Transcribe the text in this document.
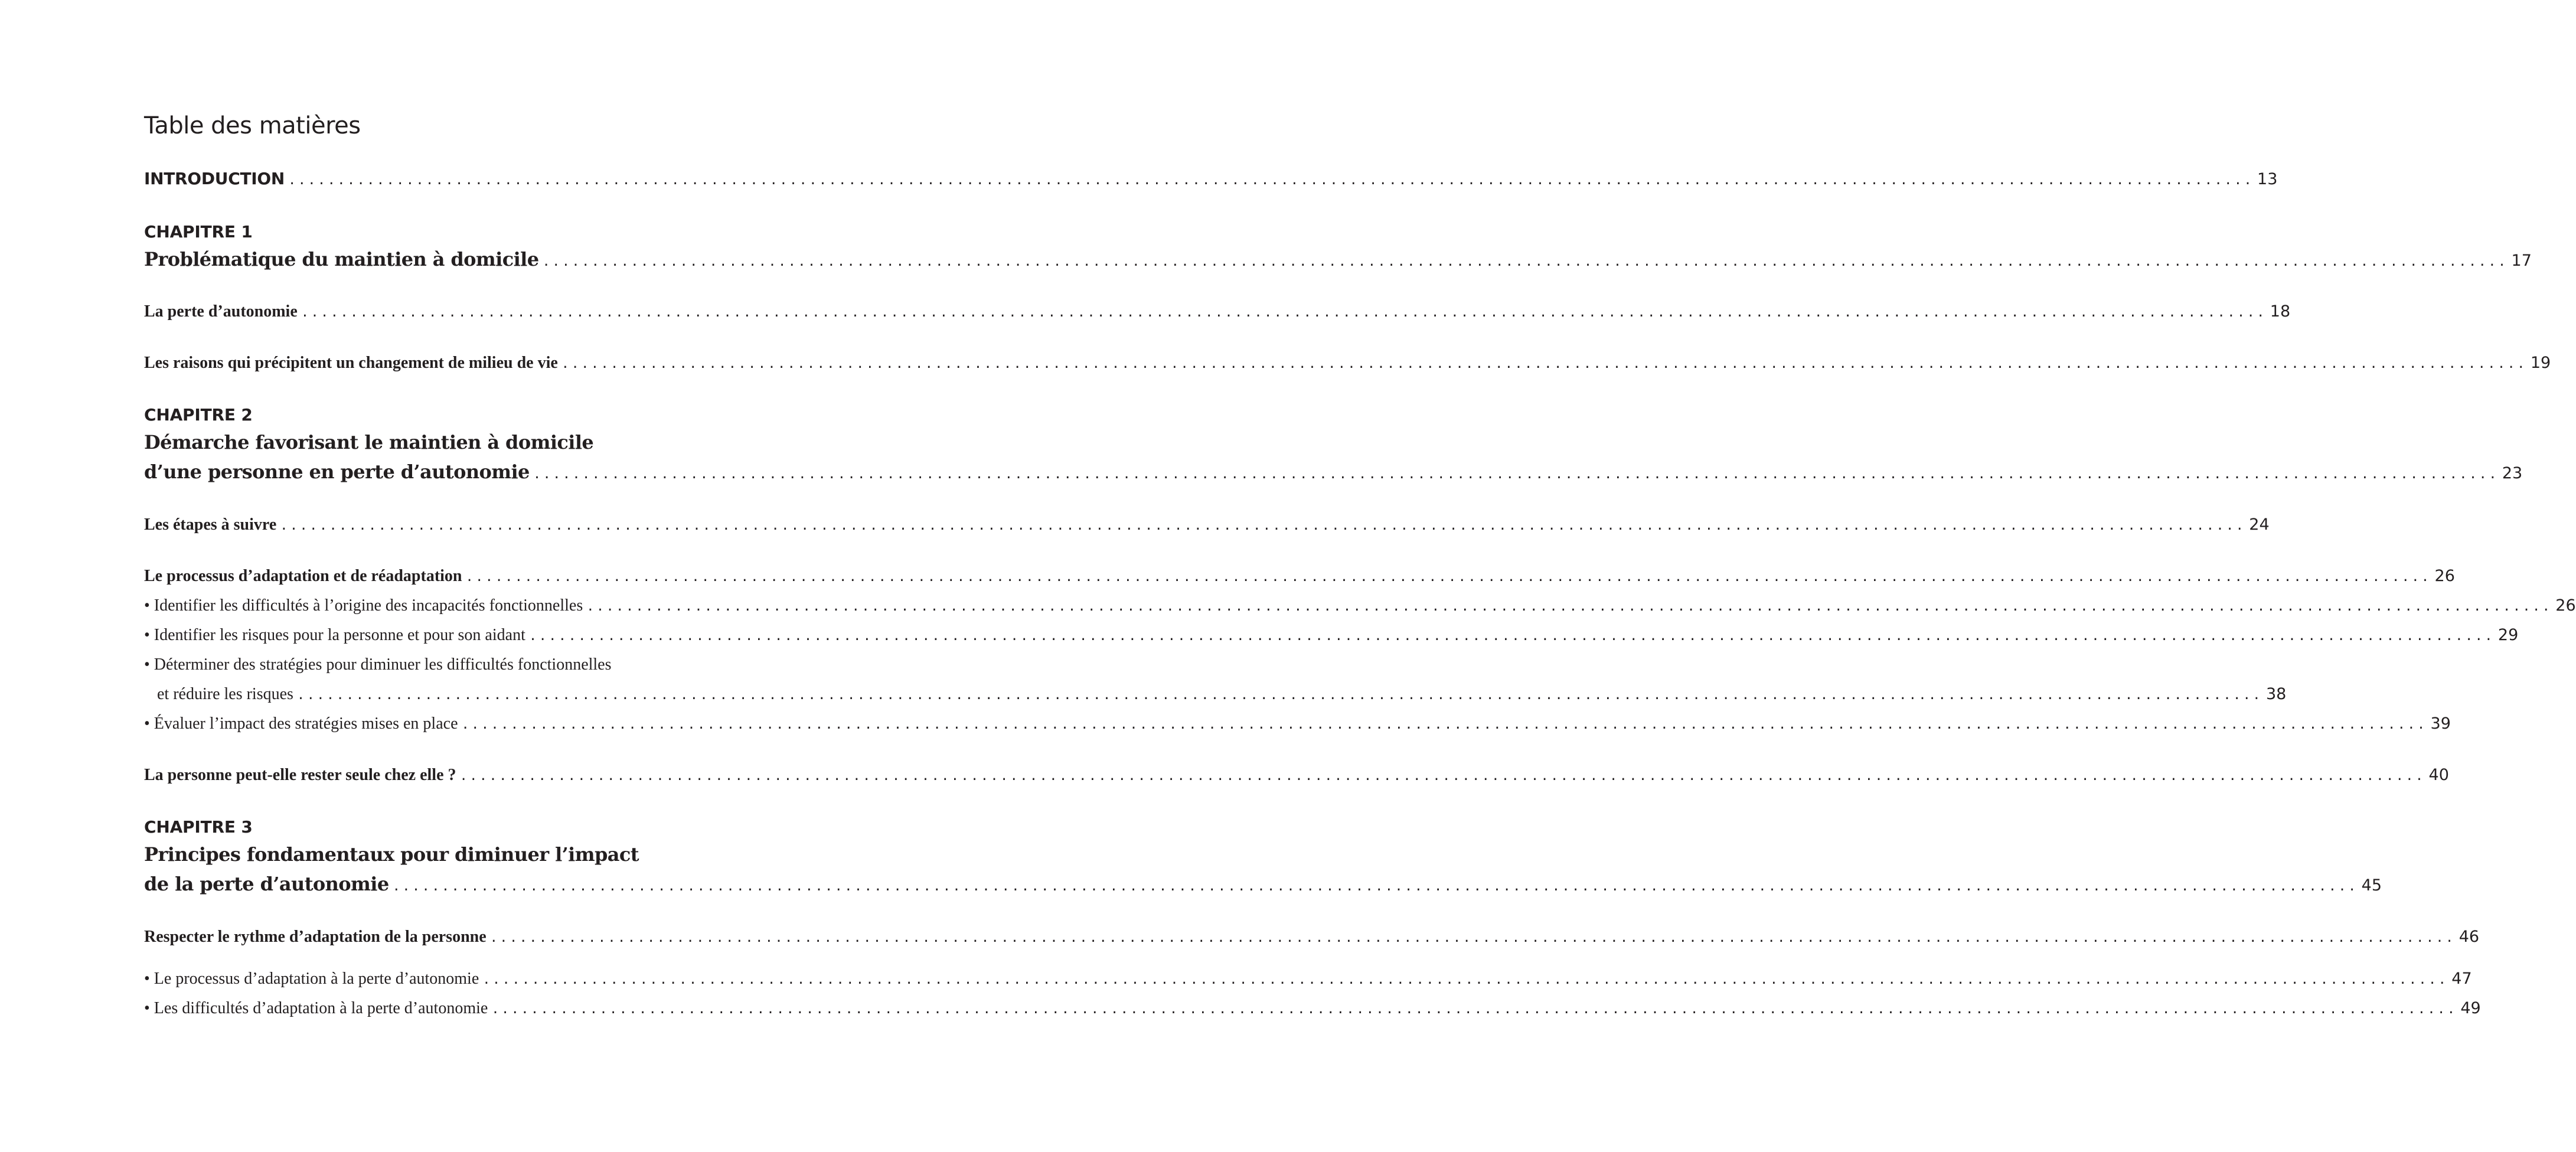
Table des matières
INTRODUCTION ........................................................................................................................................................................................................ 13
CHAPITRE 1
Problématique du maintien à domicile ........................................................................................................................................................................................................ 17
La perte d’autonomie ........................................................................................................................................................................................................ 18
Les raisons qui précipitent un changement de milieu de vie ........................................................................................................................................................................................................ 19
CHAPITRE 2
Démarche favorisant le maintien à domicile
d’une personne en perte d’autonomie ........................................................................................................................................................................................................ 23
Les étapes à suivre ........................................................................................................................................................................................................ 24
Le processus d’adaptation et de réadaptation ........................................................................................................................................................................................................ 26
• Identifier les difficultés à l’origine des incapacités fonctionnelles ........................................................................................................................................................................................................ 26
• Identifier les risques pour la personne et pour son aidant ........................................................................................................................................................................................................ 29
• Déterminer des stratégies pour diminuer les difficultés fonctionnelles
et réduire les risques ........................................................................................................................................................................................................ 38
• Évaluer l’impact des stratégies mises en place ........................................................................................................................................................................................................ 39
La personne peut-elle rester seule chez elle ? ........................................................................................................................................................................................................ 40
CHAPITRE 3
Principes fondamentaux pour diminuer l’impact
de la perte d’autonomie ........................................................................................................................................................................................................ 45
Respecter le rythme d’adaptation de la personne ........................................................................................................................................................................................................ 46
• Le processus d’adaptation à la perte d’autonomie ........................................................................................................................................................................................................ 47
• Les difficultés d’adaptation à la perte d’autonomie ........................................................................................................................................................................................................ 49
